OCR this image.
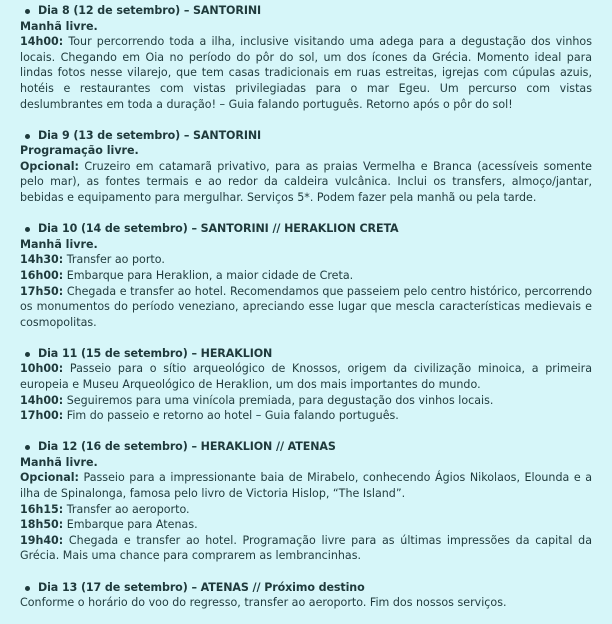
Dia 8 (12 de setembro) – SANTORINI
Manhã livre.
14h00: Tour percorrendo toda a ilha, inclusive visitando uma adega para a degustação dos vinhos locais. Chegando em Oia no período do pôr do sol, um dos ícones da Grécia. Momento ideal para lindas fotos nesse vilarejo, que tem casas tradicionais em ruas estreitas, igrejas com cúpulas azuis, hotéis e restaurantes com vistas privilegiadas para o mar Egeu. Um percurso com vistas deslumbrantes em toda a duração! – Guia falando português. Retorno após o pôr do sol!
Dia 9 (13 de setembro) – SANTORINI
Programação livre.
Opcional: Cruzeiro em catamarã privativo, para as praias Vermelha e Branca (acessíveis somente pelo mar), as fontes termais e ao redor da caldeira vulcânica. Inclui os transfers, almoço/jantar, bebidas e equipamento para mergulhar. Serviços 5*. Podem fazer pela manhã ou pela tarde.
Dia 10 (14 de setembro) – SANTORINI // HERAKLION CRETA
Manhã livre.
14h30: Transfer ao porto.
16h00: Embarque para Heraklion, a maior cidade de Creta.
17h50: Chegada e transfer ao hotel. Recomendamos que passeiem pelo centro histórico, percorrendo os monumentos do período veneziano, apreciando esse lugar que mescla características medievais e cosmopolitas.
Dia 11 (15 de setembro) – HERAKLION
10h00: Passeio para o sítio arqueológico de Knossos, origem da civilização minoica, a primeira europeia e Museu Arqueológico de Heraklion, um dos mais importantes do mundo.
14h00: Seguiremos para uma vinícola premiada, para degustação dos vinhos locais.
17h00: Fim do passeio e retorno ao hotel – Guia falando português.
Dia 12 (16 de setembro) – HERAKLION // ATENAS
Manhã livre.
Opcional: Passeio para a impressionante baia de Mirabelo, conhecendo Ágios Nikolaos, Elounda e a ilha de Spinalonga, famosa pelo livro de Victoria Hislop, “The Island”.
16h15: Transfer ao aeroporto.
18h50: Embarque para Atenas.
19h40: Chegada e transfer ao hotel. Programação livre para as últimas impressões da capital da Grécia. Mais uma chance para comprarem as lembrancinhas.
Dia 13 (17 de setembro) – ATENAS // Próximo destino
Conforme o horário do voo do regresso, transfer ao aeroporto. Fim dos nossos serviços.
